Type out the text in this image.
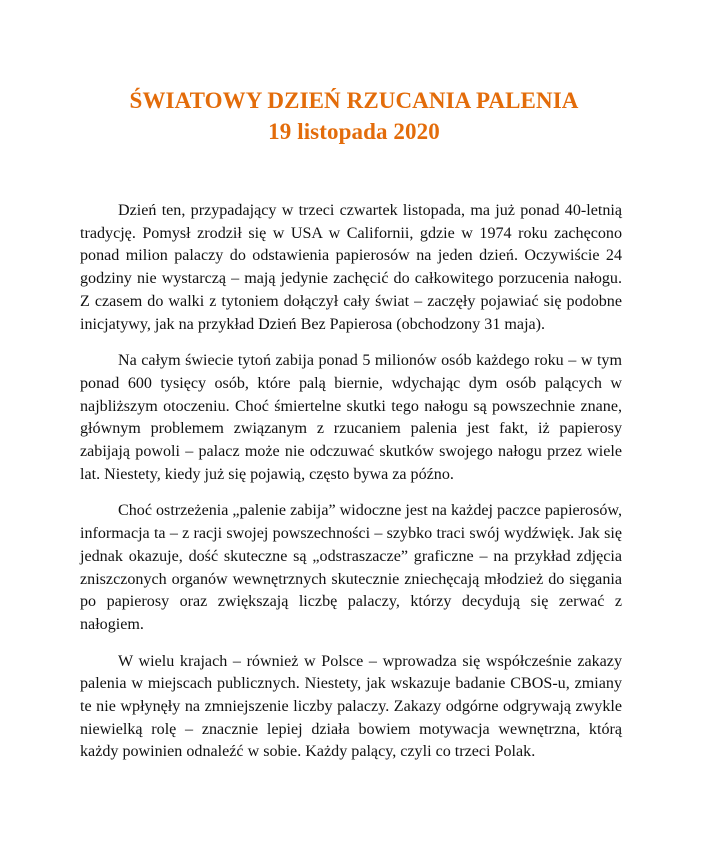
ŚWIATOWY DZIEŃ RZUCANIA PALENIA
19 listopada 2020

Dzień ten, przypadający w trzeci czwartek listopada, ma już ponad 40-letnią tradycję. Pomysł zrodził się w USA w Californii, gdzie w 1974 roku zachęcono ponad milion palaczy do odstawienia papierosów na jeden dzień. Oczywiście 24 godziny nie wystarczą – mają jedynie zachęcić do całkowitego porzucenia nałogu. Z czasem do walki z tytoniem dołączył cały świat – zaczęły pojawiać się podobne inicjatywy, jak na przykład Dzień Bez Papierosa (obchodzony 31 maja).

Na całym świecie tytoń zabija ponad 5 milionów osób każdego roku – w tym ponad 600 tysięcy osób, które palą biernie, wdychając dym osób palących w najbliższym otoczeniu. Choć śmiertelne skutki tego nałogu są powszechnie znane, głównym problemem związanym z rzucaniem palenia jest fakt, iż papierosy zabijają powoli – palacz może nie odczuwać skutków swojego nałogu przez wiele lat. Niestety, kiedy już się pojawią, często bywa za późno.

Choć ostrzeżenia „palenie zabija” widoczne jest na każdej paczce papierosów, informacja ta – z racji swojej powszechności – szybko traci swój wydźwięk. Jak się jednak okazuje, dość skuteczne są „odstraszacze” graficzne – na przykład zdjęcia zniszczonych organów wewnętrznych skutecznie zniechęcają młodzież do sięgania po papierosy oraz zwiększają liczbę palaczy, którzy decydują się zerwać z nałogiem.

W wielu krajach – również w Polsce – wprowadza się współcześnie zakazy palenia w miejscach publicznych. Niestety, jak wskazuje badanie CBOS-u, zmiany te nie wpłynęły na zmniejszenie liczby palaczy. Zakazy odgórne odgrywają zwykle niewielką rolę – znacznie lepiej działa bowiem motywacja wewnętrzna, którą każdy powinien odnaleźć w sobie. Każdy palący, czyli co trzeci Polak.
